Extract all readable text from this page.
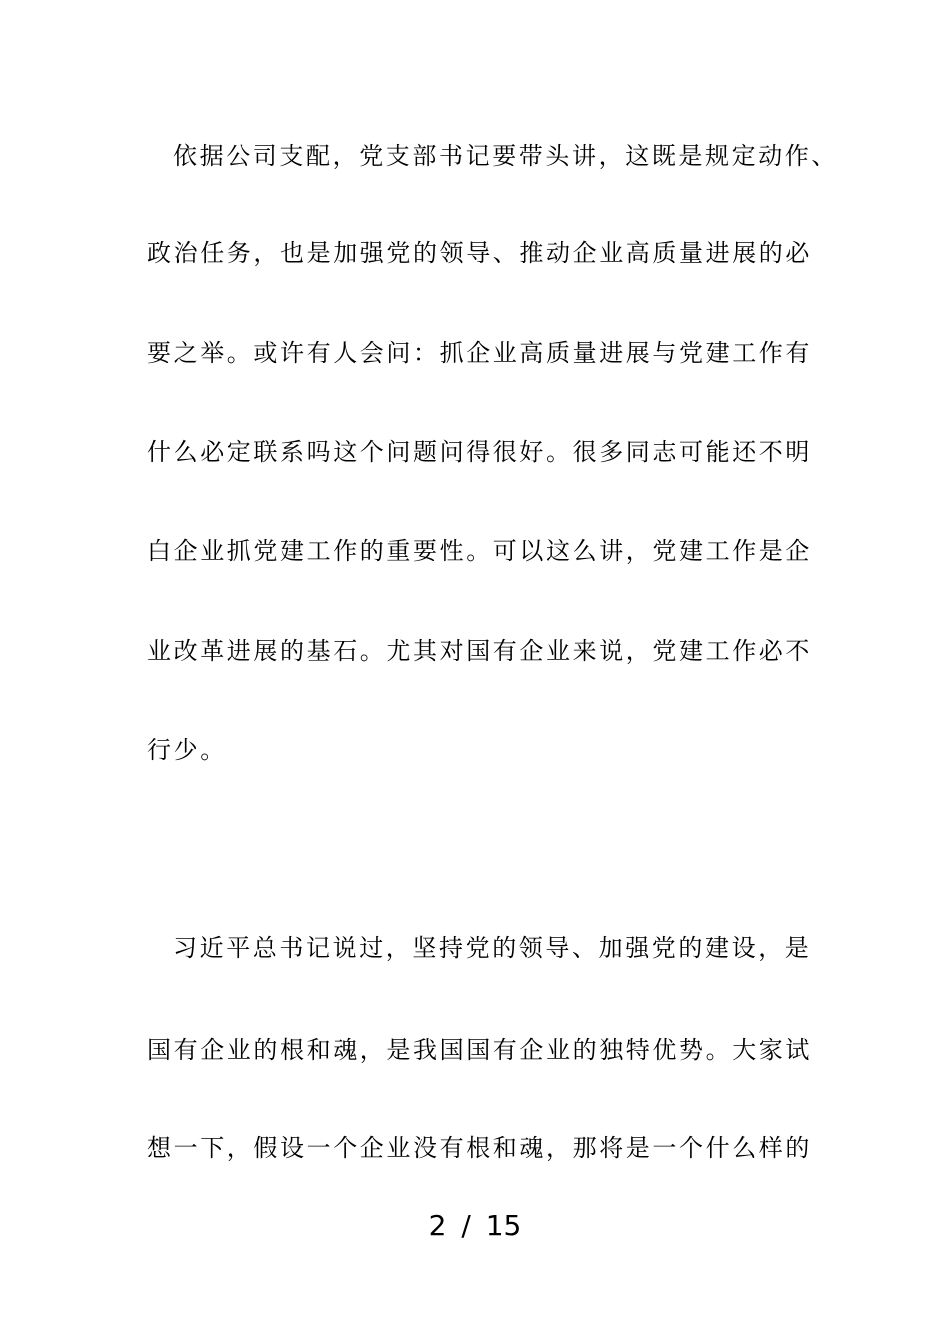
依据公司支配，党支部书记要带头讲，这既是规定动作、
政治任务，也是加强党的领导、推动企业高质量进展的必
要之举。或许有人会问：抓企业高质量进展与党建工作有
什么必定联系吗这个问题问得很好。很多同志可能还不明
白企业抓党建工作的重要性。可以这么讲，党建工作是企
业改革进展的基石。尤其对国有企业来说，党建工作必不
行少。
习近平总书记说过，坚持党的领导、加强党的建设，是
国有企业的根和魂，是我国国有企业的独特优势。大家试
想一下，假设一个企业没有根和魂，那将是一个什么样的
2 / 15
